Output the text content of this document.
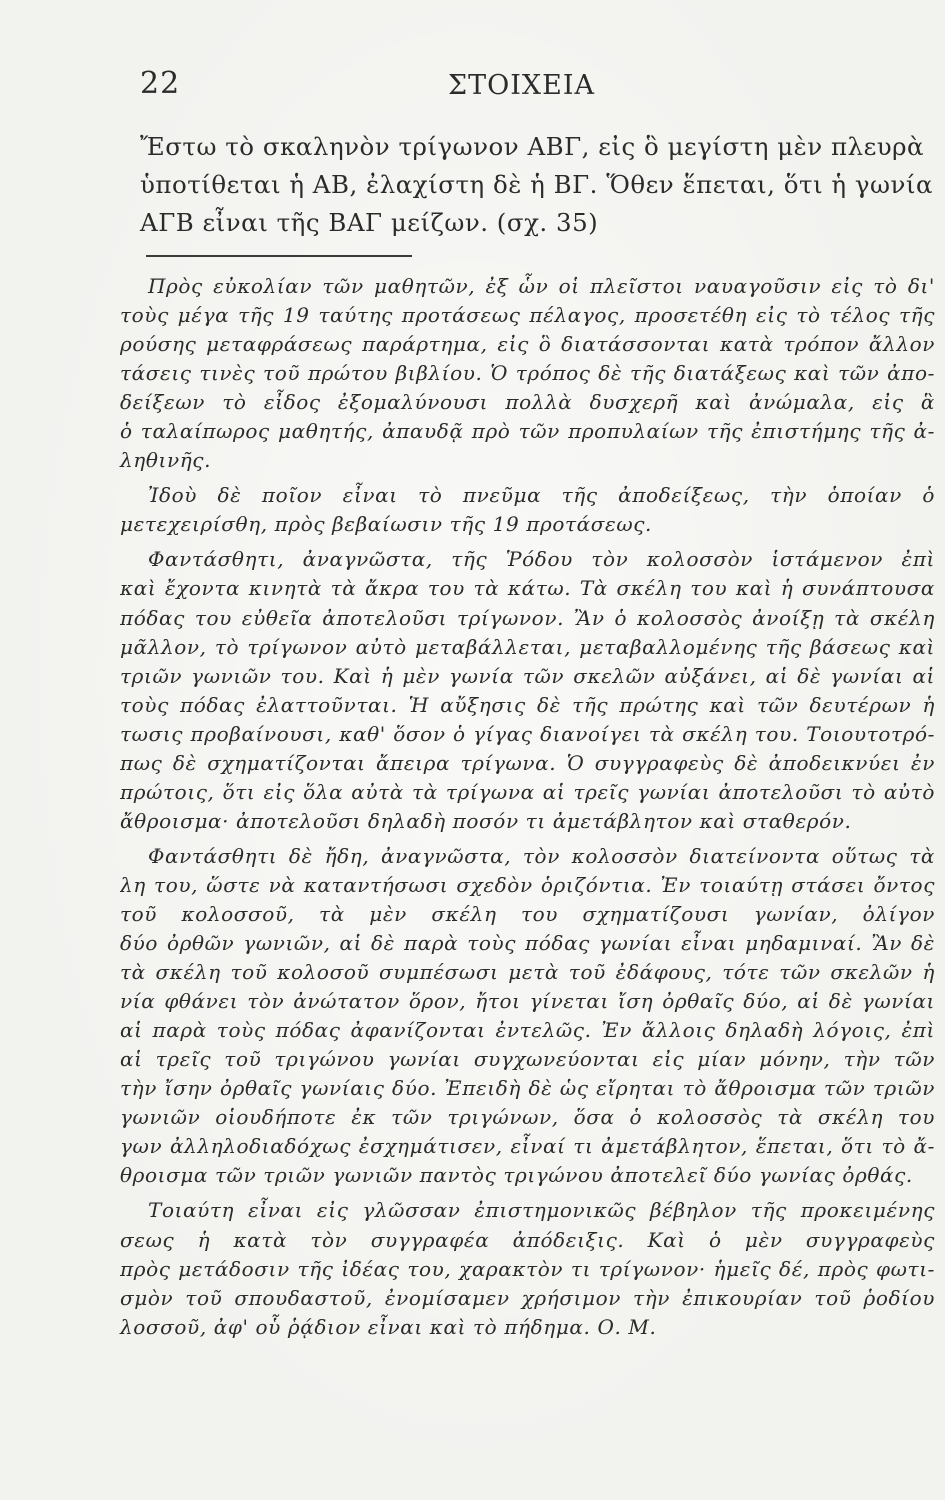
22	ΣΤΟΙΧΕΙΑ
Ἔστω τὸ σκαληνὸν τρίγωνον ΑΒΓ, εἰς ὃ μεγίστη μὲν πλευρὰ
ὑποτίθεται ἡ ΑΒ, ἐλαχίστη δὲ ἡ ΒΓ. Ὅθεν ἕπεται, ὅτι ἡ γωνία
ΑΓΒ εἶναι τῆς ΒΑΓ μείζων. (σχ. 35)
Πρὸς εὐκολίαν τῶν μαθητῶν, ἐξ ὧν οἱ πλεῖστοι ναυαγοῦσιν εἰς τὸ δι'
τοὺς μέγα τῆς 19 ταύτης προτάσεως πέλαγος, προσετέθη εἰς τὸ τέλος τῆς
ρούσης μεταφράσεως παράρτημα, εἰς ὃ διατάσσονται κατὰ τρόπον ἄλλον
τάσεις τινὲς τοῦ πρώτου βιβλίου. Ὁ τρόπος δὲ τῆς διατάξεως καὶ τῶν ἀπο-
δείξεων τὸ εἶδος ἐξομαλύνουσι πολλὰ δυσχερῆ καὶ ἀνώμαλα, εἰς ἃ
ὁ ταλαίπωρος μαθητής, ἀπαυδᾷ πρὸ τῶν προπυλαίων τῆς ἐπιστήμης τῆς ἀ-
ληθινῆς.
Ἰδοὺ δὲ ποῖον εἶναι τὸ πνεῦμα τῆς ἀποδείξεως, τὴν ὁποίαν ὁ
μετεχειρίσθη, πρὸς βεβαίωσιν τῆς 19 προτάσεως.
Φαντάσθητι, ἀναγνῶστα, τῆς Ῥόδου τὸν κολοσσὸν ἱστάμενον ἐπὶ
καὶ ἔχοντα κινητὰ τὰ ἄκρα του τὰ κάτω. Τὰ σκέλη του καὶ ἡ συνάπτουσα
πόδας του εὐθεῖα ἀποτελοῦσι τρίγωνον. Ἂν ὁ κολοσσὸς ἀνοίξῃ τὰ σκέλη
μᾶλλον, τὸ τρίγωνον αὐτὸ μεταβάλλεται, μεταβαλλομένης τῆς βάσεως καὶ
τριῶν γωνιῶν του. Καὶ ἡ μὲν γωνία τῶν σκελῶν αὐξάνει, αἱ δὲ γωνίαι αἱ
τοὺς πόδας ἐλαττοῦνται. Ἡ αὔξησις δὲ τῆς πρώτης καὶ τῶν δευτέρων ἡ
τωσις προβαίνουσι, καθ' ὅσον ὁ γίγας διανοίγει τὰ σκέλη του. Τοιουτοτρό-
πως δὲ σχηματίζονται ἄπειρα τρίγωνα. Ὁ συγγραφεὺς δὲ ἀποδεικνύει ἐν
πρώτοις, ὅτι εἰς ὅλα αὐτὰ τὰ τρίγωνα αἱ τρεῖς γωνίαι ἀποτελοῦσι τὸ αὐτὸ
ἄθροισμα· ἀποτελοῦσι δηλαδὴ ποσόν τι ἀμετάβλητον καὶ σταθερόν.
Φαντάσθητι δὲ ἤδη, ἀναγνῶστα, τὸν κολοσσὸν διατείνοντα οὕτως τὰ
λη του, ὥστε νὰ καταντήσωσι σχεδὸν ὁριζόντια. Ἐν τοιαύτῃ στάσει ὄντος
τοῦ κολοσσοῦ, τὰ μὲν σκέλη του σχηματίζουσι γωνίαν, ὀλίγον
δύο ὀρθῶν γωνιῶν, αἱ δὲ παρὰ τοὺς πόδας γωνίαι εἶναι μηδαμιναί. Ἂν δὲ
τὰ σκέλη τοῦ κολοσοῦ συμπέσωσι μετὰ τοῦ ἐδάφους, τότε τῶν σκελῶν ἡ
νία φθάνει τὸν ἀνώτατον ὅρον, ἤτοι γίνεται ἴση ὀρθαῖς δύο, αἱ δὲ γωνίαι
αἱ παρὰ τοὺς πόδας ἀφανίζονται ἐντελῶς. Ἐν ἄλλοις δηλαδὴ λόγοις, ἐπὶ
αἱ τρεῖς τοῦ τριγώνου γωνίαι συγχωνεύονται εἰς μίαν μόνην, τὴν τῶν
τὴν ἴσην ὀρθαῖς γωνίαις δύο. Ἐπειδὴ δὲ ὡς εἴρηται τὸ ἄθροισμα τῶν τριῶν
γωνιῶν οἱουδήποτε ἐκ τῶν τριγώνων, ὅσα ὁ κολοσσὸς τὰ σκέλη του
γων ἀλληλοδιαδόχως ἐσχημάτισεν, εἶναί τι ἀμετάβλητον, ἕπεται, ὅτι τὸ ἄ-
θροισμα τῶν τριῶν γωνιῶν παντὸς τριγώνου ἀποτελεῖ δύο γωνίας ὀρθάς.
Τοιαύτη εἶναι εἰς γλῶσσαν ἐπιστημονικῶς βέβηλον τῆς προκειμένης
σεως ἡ κατὰ τὸν συγγραφέα ἀπόδειξις. Καὶ ὁ μὲν συγγραφεὺς
πρὸς μετάδοσιν τῆς ἰδέας του, χαρακτὸν τι τρίγωνον· ἡμεῖς δέ, πρὸς φωτι-
σμὸν τοῦ σπουδαστοῦ, ἐνομίσαμεν χρήσιμον τὴν ἐπικουρίαν τοῦ ῥοδίου
λοσσοῦ, ἀφ' οὗ ῥᾴδιον εἶναι καὶ τὸ πήδημα. Ο. Μ.
